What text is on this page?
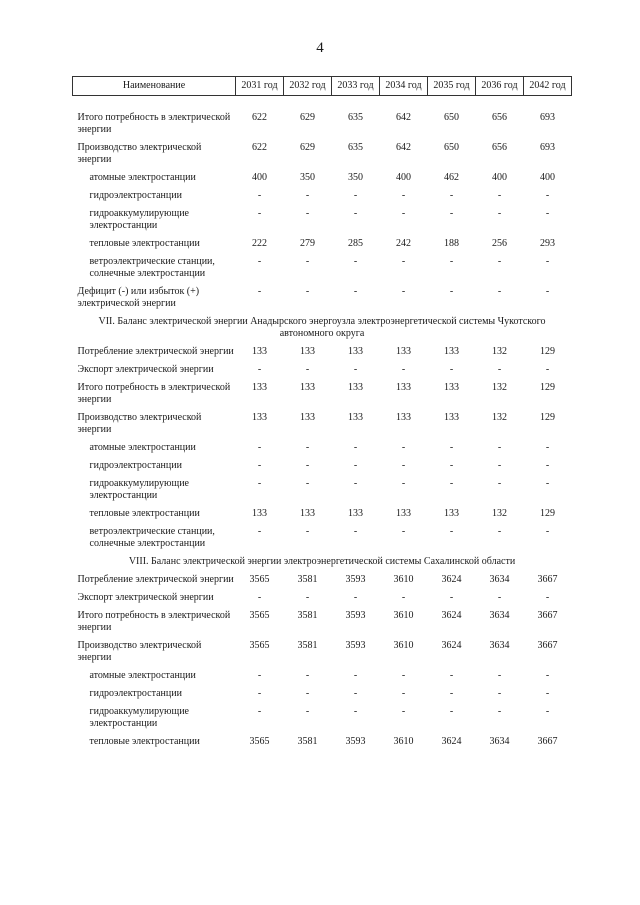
4
Наименование	2031 год	2032 год	2033 год	2034 год	2035 год	2036 год	2042 год

Итого потребность в электрической энергии	622	629	635	642	650	656	693
Производство электрической энергии	622	629	635	642	650	656	693
атомные электростанции	400	350	350	400	462	400	400
гидроэлектростанции	-	-	-	-	-	-	-
гидроаккумулирующие электростанции	-	-	-	-	-	-	-
тепловые электростанции	222	279	285	242	188	256	293
ветроэлектрические станции, солнечные электростанции	-	-	-	-	-	-	-
Дефицит (-) или избыток (+) электрической энергии	-	-	-	-	-	-	-
VII. Баланс электрической энергии Анадырского энергоузла электроэнергетической системы Чукотского автономного округа							
Потребление электрической энергии	133	133	133	133	133	132	129
Экспорт электрической энергии	-	-	-	-	-	-	-
Итого потребность в электрической энергии	133	133	133	133	133	132	129
Производство электрической энергии	133	133	133	133	133	132	129
атомные электростанции	-	-	-	-	-	-	-
гидроэлектростанции	-	-	-	-	-	-	-
гидроаккумулирующие электростанции	-	-	-	-	-	-	-
тепловые электростанции	133	133	133	133	133	132	129
ветроэлектрические станции, солнечные электростанции	-	-	-	-	-	-	-
VIII. Баланс электрической энергии электроэнергетической системы Сахалинской области							
Потребление электрической энергии	3565	3581	3593	3610	3624	3634	3667
Экспорт электрической энергии	-	-	-	-	-	-	-
Итого потребность в электрической энергии	3565	3581	3593	3610	3624	3634	3667
Производство электрической энергии	3565	3581	3593	3610	3624	3634	3667
атомные электростанции	-	-	-	-	-	-	-
гидроэлектростанции	-	-	-	-	-	-	-
гидроаккумулирующие электростанции	-	-	-	-	-	-	-
тепловые электростанции	3565	3581	3593	3610	3624	3634	3667
